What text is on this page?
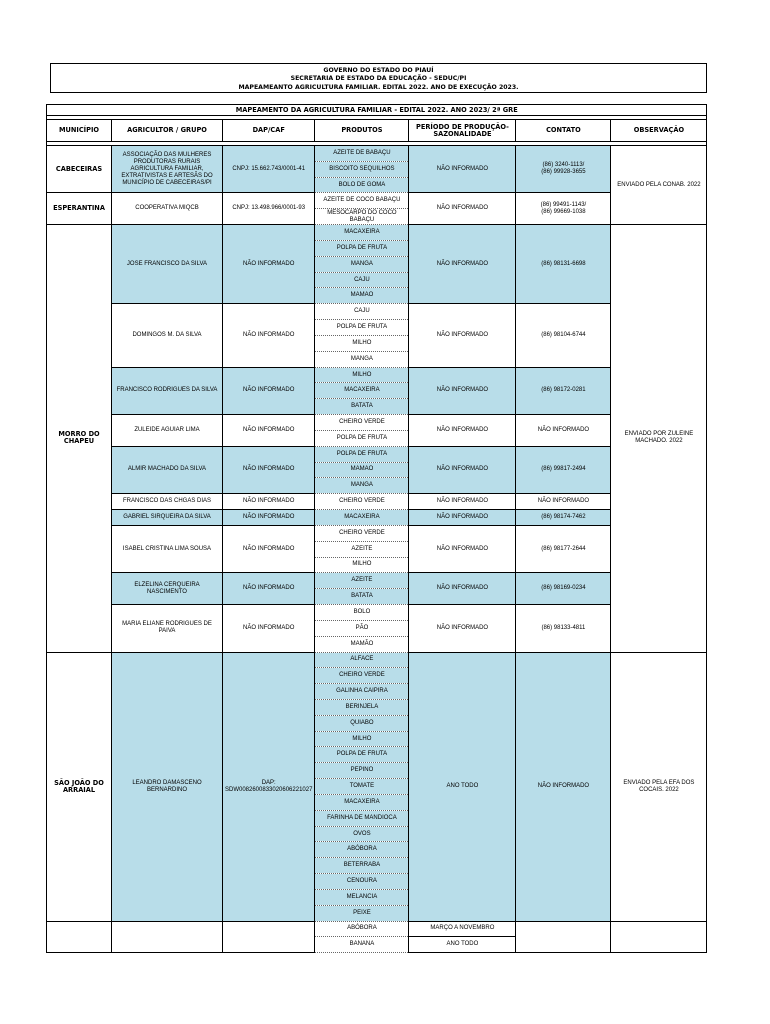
GOVERNO DO ESTADO DO PIAUÍ
SECRETARIA DE ESTADO DA EDUCAÇÃO - SEDUC/PI
MAPEAMEANTO AGRICULTURA FAMILIAR. EDITAL 2022. ANO DE EXECUÇÃO 2023.
MAPEAMENTO DA AGRICULTURA FAMILIAR - EDITAL 2022. ANO 2023/ 2ª GRE						

MUNICÍPIO	AGRICULTOR / GRUPO	DAP/CAF	PRODUTOS	PERÍODO DE PRODUÇÃO- SAZONALIDADE	CONTATO	OBSERVAÇÃO

CABECEIRAS	ASSOCIAÇÃO DAS MULHERES PRODUTORAS RURAIS AGRICULTURA FAMILIAR, EXTRATIVISTAS E ARTESÃS DO MUNICÍPIO DE CABECEIRAS/PI	CNPJ: 15.662.743/0001-41	AZEITE DE BABAÇU	NÃO INFORMADO	(86) 3240-1113/
(86) 99928-3655	ENVIADO PELA CONAB. 2022
			BISCOITO SEQUILHOS			
			BOLO DE GOMA			
ESPERANTINA	COOPERATIVA MIQCB	CNPJ: 13.498.966/0001-93	AZEITE DE COCO BABAÇU	NÃO INFORMADO	(86) 99491-1143/
(86) 99669-1038	
			MESOCARPO DO COCO BABAÇU			
MORRO DO CHAPEU	JOSE FRANCISCO DA SILVA	NÃO INFORMADO	MACAXEIRA	NÃO INFORMADO	(86) 98131-6698	ENVIADO POR ZULEINE MACHADO. 2022
			POLPA DE FRUTA			
			MANGA			
			CAJU			
			MAMAO			
	DOMINGOS M. DA SILVA	NÃO INFORMADO	CAJU	NÃO INFORMADO	(86) 98104-6744	
			POLPA DE FRUTA			
			MILHO			
			MANGA			
	FRANCISCO RODRIGUES DA SILVA	NÃO INFORMADO	MILHO	NÃO INFORMADO	(86) 98172-0281	
			MACAXEIRA			
			BATATA			
	ZULEIDE AGUIAR LIMA	NÃO INFORMADO	CHEIRO VERDE	NÃO INFORMADO	NÃO INFORMADO	
			POLPA DE FRUTA			
	ALMIR MACHADO DA SILVA	NÃO INFORMADO	POLPA DE FRUTA	NÃO INFORMADO	(86) 99817-2494	
			MAMAO			
			MANGA			
	FRANCISCO DAS CHGAS DIAS	NÃO INFORMADO	CHEIRO VERDE	NÃO INFORMADO	NÃO INFORMADO	
	GABRIEL SIRQUEIRA DA SILVA	NÃO INFORMADO	MACAXEIRA	NÃO INFORMADO	(86) 98174-7462	
	ISABEL CRISTINA LIMA SOUSA	NÃO INFORMADO	CHEIRO VERDE	NÃO INFORMADO	(86) 98177-2644	
			AZEITE			
			MILHO			
	ELZELINA CERQUEIRA NASCIMENTO	NÃO INFORMADO	AZEITE	NÃO INFORMADO	(86) 98169-0234	
			BATATA			
	MARIA ELIANE RODRIGUES DE PAIVA	NÃO INFORMADO	BOLO	NÃO INFORMADO	(86) 98133-4811	
			PÃO			
			MAMÃO			
SÃO JOÃO DO ARRAIAL	LEANDRO DAMASCENO BERNARDINO	DAP: SDW0082600833020606221027	ALFACE	ANO TODO	NÃO INFORMADO	ENVIADO PELA EFA DOS COCAIS. 2022
			CHEIRO VERDE			
			GALINHA CAIPIRA			
			BERINJELA			
			QUIABO			
			MILHO			
			POLPA DE FRUTA			
			PEPINO			
			TOMATE			
			MACAXEIRA			
			FARINHA DE MANDIOCA			
			OVOS			
			ABÓBORA			
			BETERRABA			
			CENOURA			
			MELANCIA			
			PEIXE			
			ABÓBORA	MARÇO A NOVEMBRO		
			BANANA	ANO TODO		
